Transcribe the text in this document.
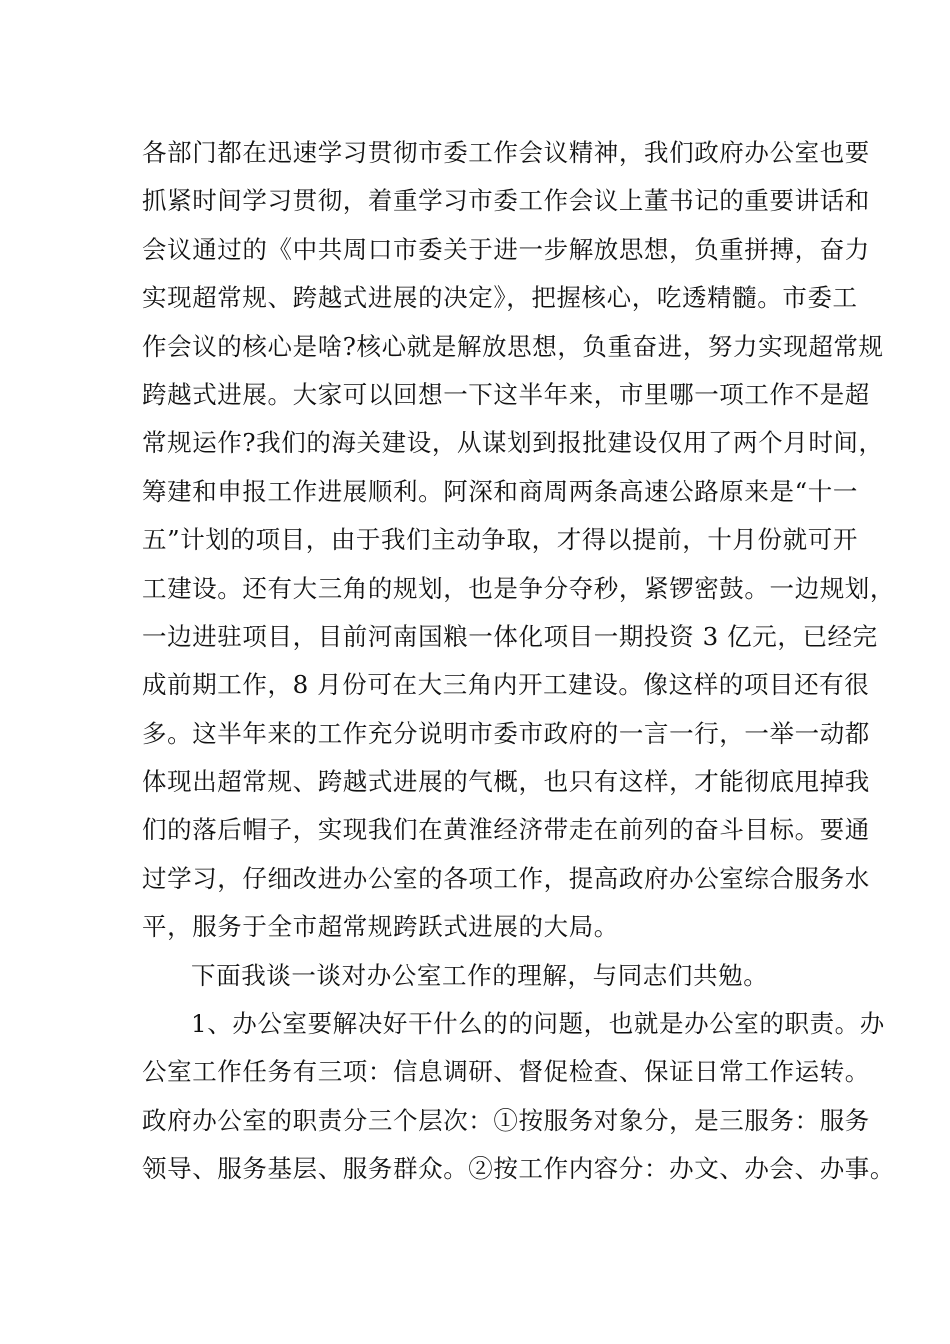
各部门都在迅速学习贯彻市委工作会议精神，我们政府办公室也要
抓紧时间学习贯彻，着重学习市委工作会议上董书记的重要讲话和
会议通过的《中共周口市委关于进一步解放思想，负重拼搏，奋力
实现超常规、跨越式进展的决定》，把握核心，吃透精髓。市委工
作会议的核心是啥?核心就是解放思想，负重奋进，努力实现超常规
跨越式进展。大家可以回想一下这半年来，市里哪一项工作不是超
常规运作?我们的海关建设，从谋划到报批建设仅用了两个月时间，
筹建和申报工作进展顺利。阿深和商周两条高速公路原来是“十一
五”计划的项目，由于我们主动争取，才得以提前，十月份就可开
工建设。还有大三角的规划，也是争分夺秒，紧锣密鼓。一边规划，
一边进驻项目，目前河南国粮一体化项目一期投资 3 亿元，已经完
成前期工作，8 月份可在大三角内开工建设。像这样的项目还有很
多。这半年来的工作充分说明市委市政府的一言一行，一举一动都
体现出超常规、跨越式进展的气概，也只有这样，才能彻底甩掉我
们的落后帽子，实现我们在黄淮经济带走在前列的奋斗目标。要通
过学习，仔细改进办公室的各项工作，提高政府办公室综合服务水
平，服务于全市超常规跨跃式进展的大局。
下面我谈一谈对办公室工作的理解，与同志们共勉。
1、办公室要解决好干什么的的问题，也就是办公室的职责。办
公室工作任务有三项：信息调研、督促检查、保证日常工作运转。
政府办公室的职责分三个层次：①按服务对象分，是三服务：服务
领导、服务基层、服务群众。②按工作内容分：办文、办会、办事。
